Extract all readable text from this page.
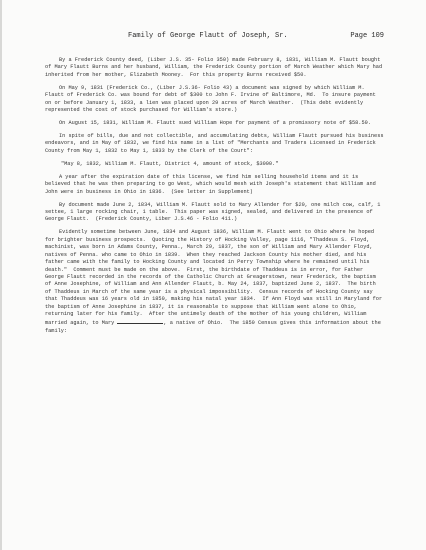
Family of George Flautt of Joseph, Sr.	Page 109

By a Frederick County deed, (Liber J.S. 35- Folio 350) made February 8, 1831, William M. Flautt bought of Mary Flautt Burns and her husband, William, the Frederick County portion of March Weather which Mary had inherited from her mother, Elizabeth Mooney.  For this property Burns received $50.

On May 9, 1831 (Frederick Co., (Liber J.S.36- Folio 43) a document was signed by which William M. Flautt of Frederick Co. was bound for debt of $300 to John F. Irvine of Baltimore, Md.  To insure payment on or before January 1, 1833, a lien was placed upon 29 acres of March Weather.  (This debt evidently represented the cost of stock purchased for William's store.)

On August 15, 1831, William M. Flautt sued William Hope for payment of a promissory note of $58.50.

In spite of bills, due and not collectible, and accumulating debts, William Flautt pursued his business endeavors, and in May of 1832, we find his name in a list of "Merchants and Traders Licensed in Frederick County from May 1, 1832 to May 1, 1833 by the Clerk of the Court":

"May 8, 1832, William M. Flautt, District 4, amount of stock, $3000."

A year after the expiration date of this license, we find him selling household items and it is believed that he was then preparing to go West, which would mesh with Joseph's statement that William and John were in business in Ohio in 1836.  (See letter in Supplement)

By document made June 2, 1834, William M. Flautt sold to Mary Allender for $20, one milch cow, calf, 1 settee, 1 large rocking chair, 1 table.  This paper was signed, sealed, and delivered in the presence of George Flautt.  (Frederick County, Liber J.S.46 - Folio 411.)

Evidently sometime between June, 1834 and August 1836, William M. Flautt went to Ohio where he hoped for brighter business prospects.  Quoting the History of Hocking Valley, page 1116, "Thaddeus S. Floyd, machinist, was born in Adams County, Penna., March 29, 1837, the son of William and Mary Allender Floyd, natives of Penna. who came to Ohio in 1839.  When they reached Jackson County his mother died, and his father came with the family to Hocking County and located in Perry Township where he remained until his death."  Comment must be made on the above.  First, the birthdate of Thaddeus is in error, for Father George Flautt recorded in the records of the Catholic Church at Greagerstown, near Frederick, the baptism of Anne Josephine, of William and Ann Allender Flautt, b. May 24, 1837, baptized June 2, 1837.  The birth of Thaddeus in March of the same year is a physical impossibility.  Census records of Hocking County say that Thaddeus was 16 years old in 1850, making his natal year 1834.  If Ann Floyd was still in Maryland for the baptism of Anne Josephine in 1837, it is reasonable to suppose that William went alone to Ohio, returning later for his family.  After the untimely death of the mother of his young children, William married again, to Mary	, a native of Ohio.  The 1850 Census gives this information about the family:
